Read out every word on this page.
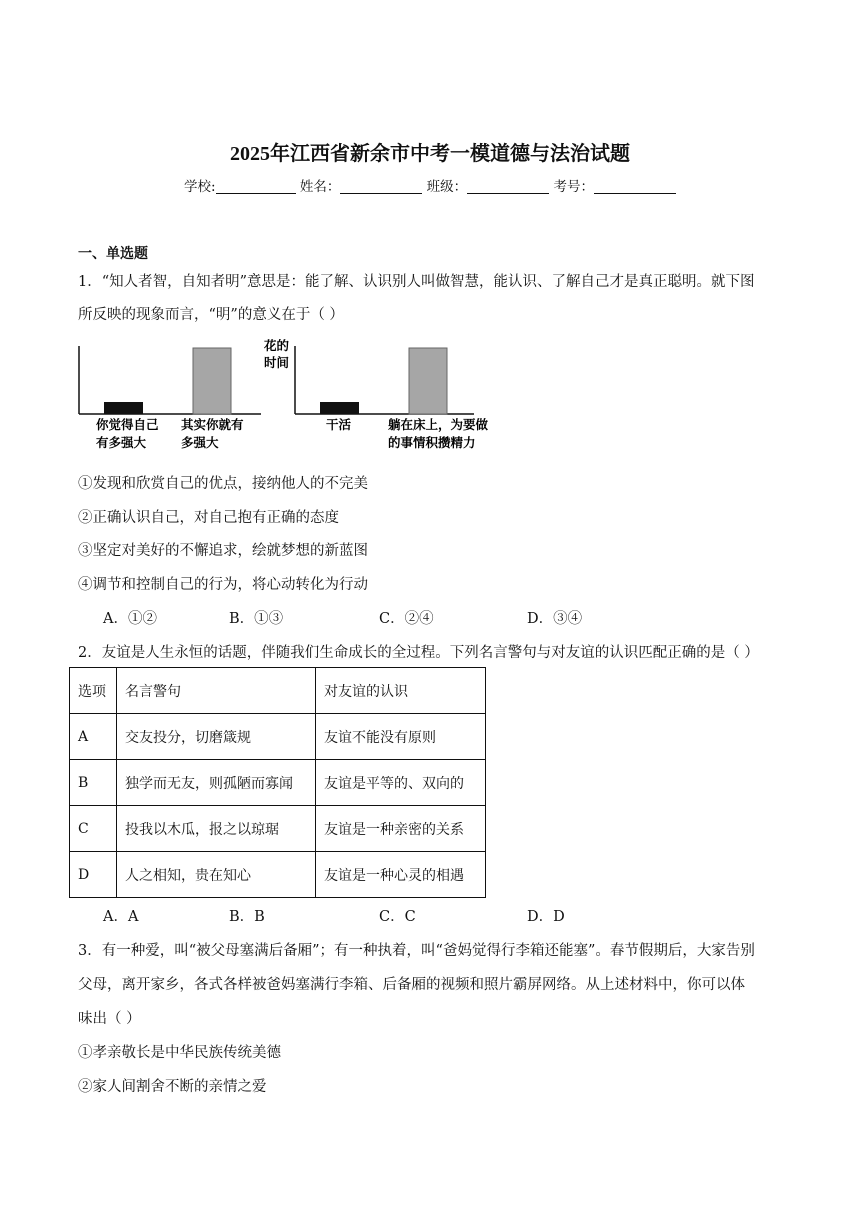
2025年江西省新余市中考一模道德与法治试题
学校:	姓名：	班级：	考号：
一、单选题
1．“知人者智，自知者明”意思是：能了解、认识别人叫做智慧，能认识、了解自己才是真正聪明。就下图
所反映的现象而言，“明”的意义在于（ ）
你觉得自己
有多强大
其实你就有
多强大
花的
时间
干活	躺在床上，为要做
的事情积攒精力
①发现和欣赏自己的优点，接纳他人的不完美
②正确认识自己，对自己抱有正确的态度
③坚定对美好的不懈追求，绘就梦想的新蓝图
④调节和控制自己的行为，将心动转化为行动
A．①②	B．①③	C．②④	D．③④
2．友谊是人生永恒的话题，伴随我们生命成长的全过程。下列名言警句与对友谊的认识匹配正确的是（ ）
选项	名言警句	对友谊的认识
A	交友投分，切磨箴规	友谊不能没有原则
B	独学而无友，则孤陋而寡闻	友谊是平等的、双向的
C	投我以木瓜，报之以琼琚	友谊是一种亲密的关系
D	人之相知，贵在知心	友谊是一种心灵的相遇
A．A	B．B	C．C	D．D
3．有一种爱，叫“被父母塞满后备厢”；有一种执着，叫“爸妈觉得行李箱还能塞”。春节假期后，大家告别
父母，离开家乡，各式各样被爸妈塞满行李箱、后备厢的视频和照片霸屏网络。从上述材料中，你可以体
味出（ ）
①孝亲敬长是中华民族传统美德
②家人间割舍不断的亲情之爱
